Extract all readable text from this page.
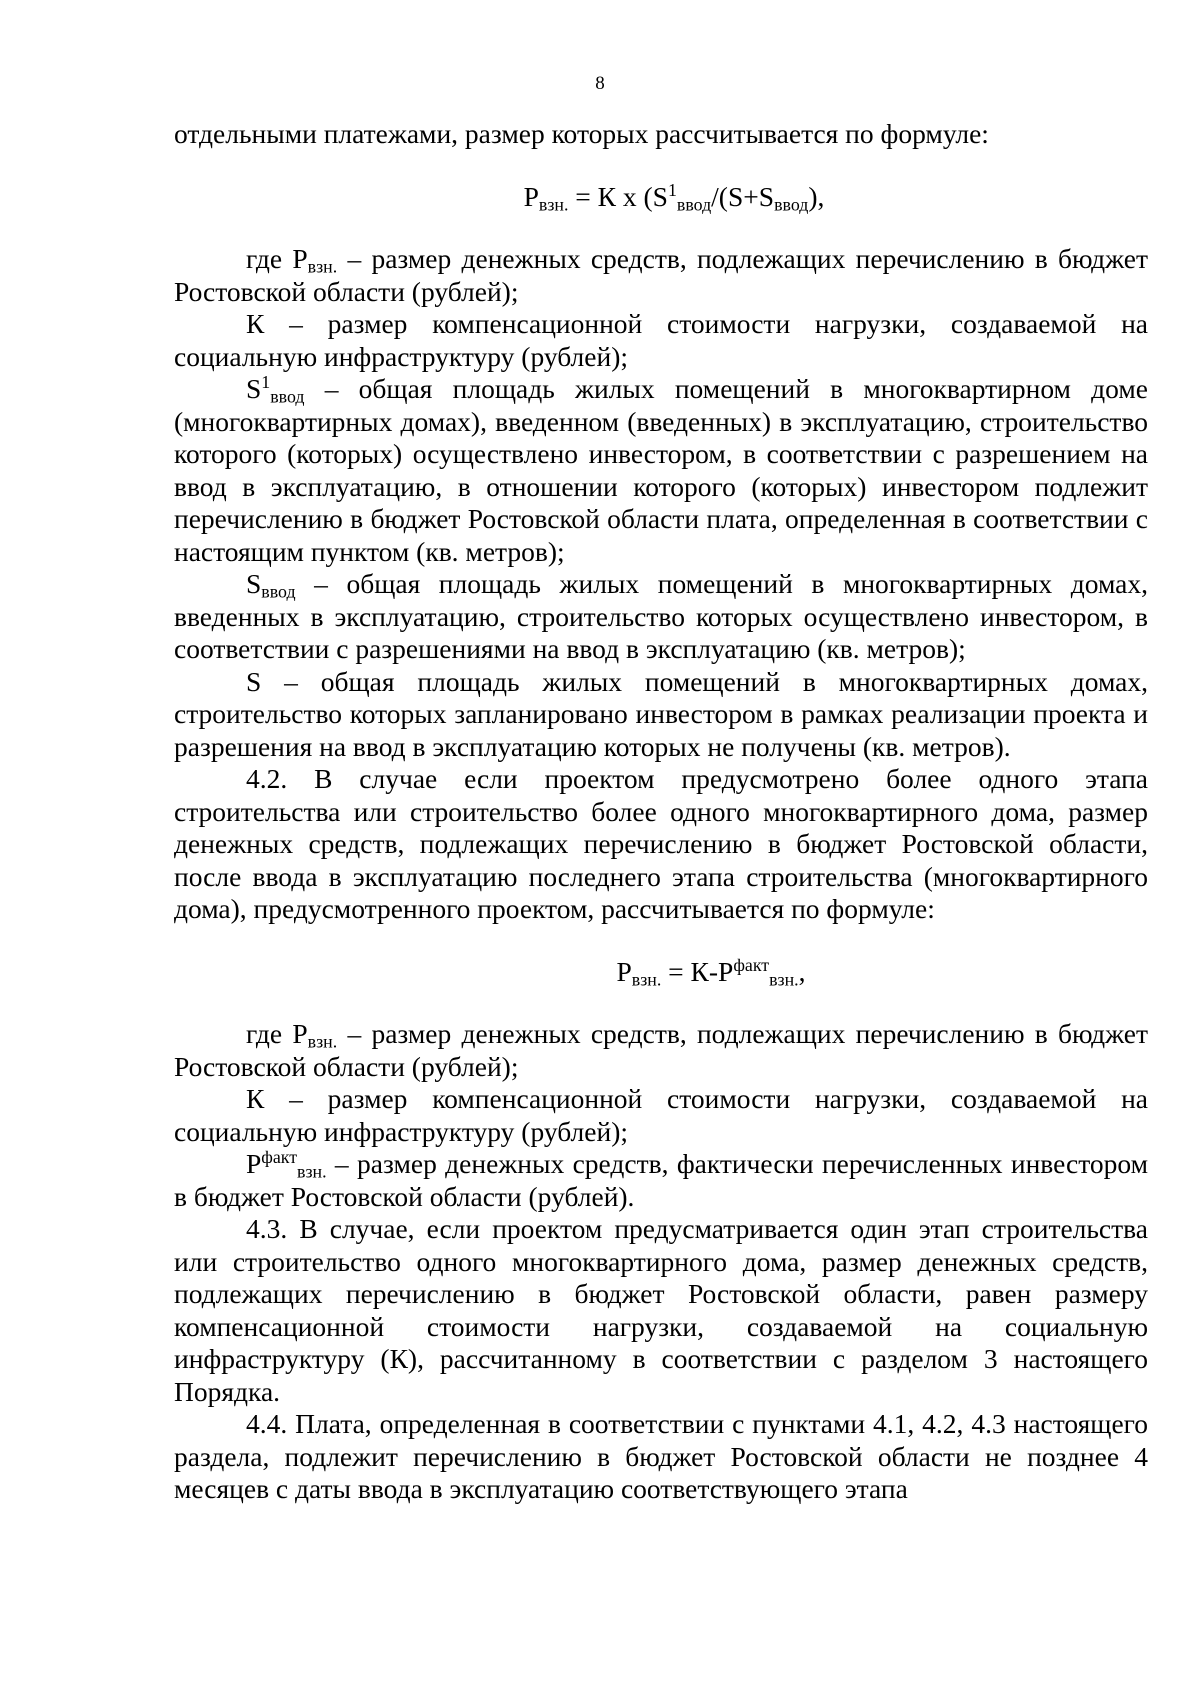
8

отдельными платежами, размер которых рассчитывается по формуле:

$P_{взн.} = К$ х ($S^1_{ввод}/(S+S_{ввод})$,

где $P_{взн.}$ – размер денежных средств, подлежащих перечислению в бюджет Ростовской области (рублей);

К – размер компенсационной стоимости нагрузки, создаваемой на социальную инфраструктуру (рублей);

$S^1_{ввод}$ – общая площадь жилых помещений в многоквартирном доме (многоквартирных домах), введенном (введенных) в эксплуатацию, строительство которого (которых) осуществлено инвестором, в соответствии с разрешением на ввод в эксплуатацию, в отношении которого (которых) инвестором подлежит перечислению в бюджет Ростовской области плата, определенная в соответствии с настоящим пунктом (кв. метров);

$S_{ввод}$ – общая площадь жилых помещений в многоквартирных домах, введенных в эксплуатацию, строительство которых осуществлено инвестором, в соответствии с разрешениями на ввод в эксплуатацию (кв. метров);

S – общая площадь жилых помещений в многоквартирных домах, строительство которых запланировано инвестором в рамках реализации проекта и разрешения на ввод в эксплуатацию которых не получены (кв. метров).

4.2. В случае если проектом предусмотрено более одного этапа строительства или строительство более одного многоквартирного дома, размер денежных средств, подлежащих перечислению в бюджет Ростовской области, после ввода в эксплуатацию последнего этапа строительства (многоквартирного дома), предусмотренного проектом, рассчитывается по формуле:

$P_{взн.} = К-Р^{факт}_{взн.}$,

где $P_{взн.}$ – размер денежных средств, подлежащих перечислению в бюджет Ростовской области (рублей);

К – размер компенсационной стоимости нагрузки, создаваемой на социальную инфраструктуру (рублей);

$Р^{факт}_{взн.}$ – размер денежных средств, фактически перечисленных инвестором в бюджет Ростовской области (рублей).

4.3. В случае, если проектом предусматривается один этап строительства или строительство одного многоквартирного дома, размер денежных средств, подлежащих перечислению в бюджет Ростовской области, равен размеру компенсационной стоимости нагрузки, создаваемой на социальную инфраструктуру (К), рассчитанному в соответствии с разделом 3 настоящего Порядка.

4.4. Плата, определенная в соответствии с пунктами 4.1, 4.2, 4.3 настоящего раздела, подлежит перечислению в бюджет Ростовской области не позднее 4 месяцев с даты ввода в эксплуатацию соответствующего этапа
